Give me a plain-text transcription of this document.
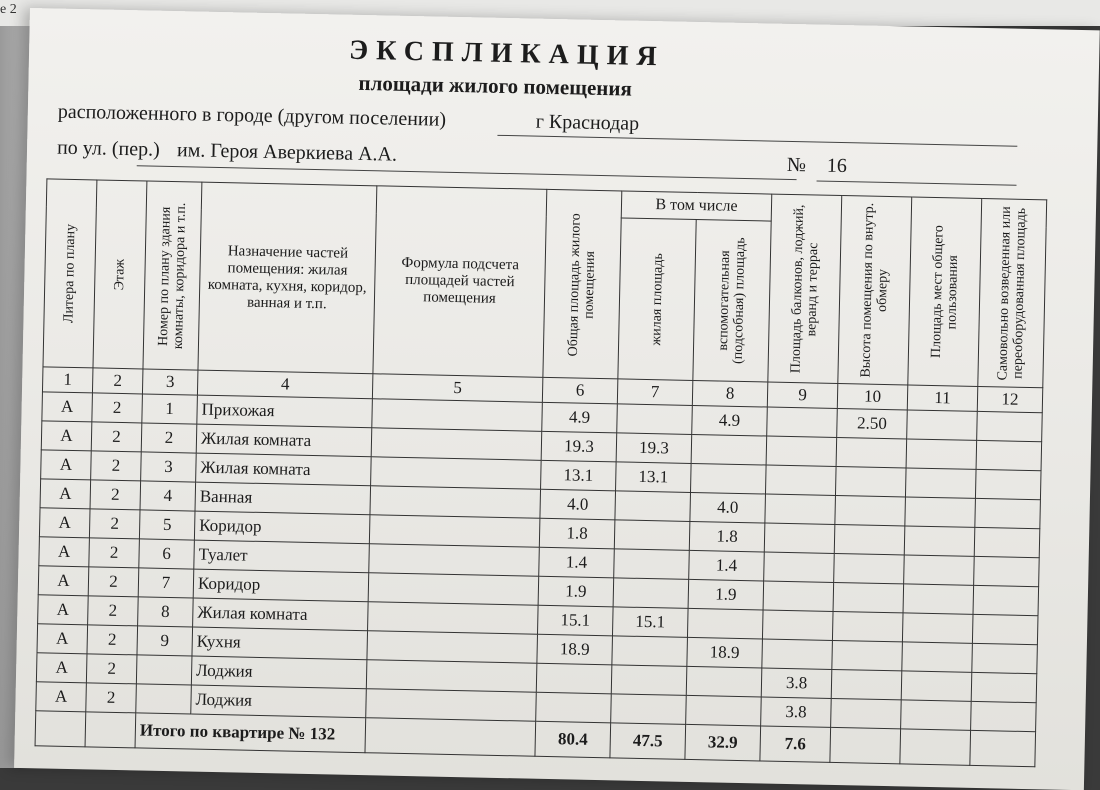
е 2
ЭКСПЛИКАЦИЯ
площади жилого помещения
расположенного в городе (другом поселении)	г Краснодар
по ул. (пер.) им. Героя Аверкиева А.А.	№ 16
Литера по плану	Этаж	Номер по плану здания комнаты, коридора и т.п.	Назначение частей помещения: жилая комната, кухня, коридор, ванная и т.п.	Формула подсчета площадей частей помещения	Общая площадь жилого помещения	В том числе		Площадь балконов, лоджий, веранд и террас	Высота помещения по внутр. обмеру	Площадь мест общего пользования	Самовольно возведенная или переоборудованная площадь

						жилая площадь	вспомогательная (подсобная) площадь				

1	2	3	4	5	6	7	8	9	10	11	12
А	2	1	Прихожая		4.9		4.9		2.50		
А	2	2	Жилая комната		19.3	19.3					
А	2	3	Жилая комната		13.1	13.1					
А	2	4	Ванная		4.0		4.0				
А	2	5	Коридор		1.8		1.8				
А	2	6	Туалет		1.4		1.4				
А	2	7	Коридор		1.9		1.9				
А	2	8	Жилая комната		15.1	15.1					
А	2	9	Кухня		18.9		18.9				
А	2		Лоджия					3.8			
А	2		Лоджия					3.8			
		Итого по квартире № 132			80.4	47.5	32.9	7.6			
